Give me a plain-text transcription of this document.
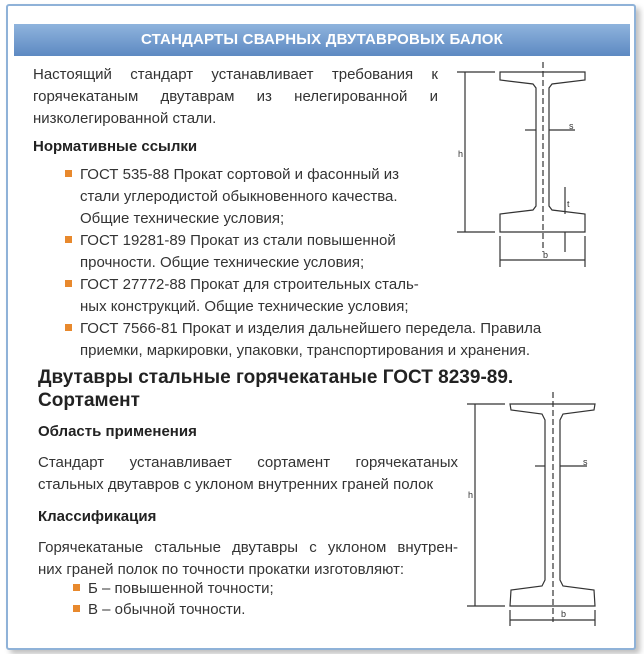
СТАНДАРТЫ СВАРНЫХ ДВУТАВРОВЫХ БАЛОК
Настоящий стандарт устанавливает требования к горячекатаным двутаврам из нелегированной и низколегированной стали.
Нормативные ссылки
ГОСТ 535-88 Прокат сортовой и фасонный из
стали углеродистой обыкновенного качества.
Общие технические условия;
ГОСТ 19281-89 Прокат из стали повышенной
прочности. Общие технические условия;
ГОСТ 27772-88 Прокат для строительных сталь-
ных конструкций. Общие технические условия;
ГОСТ 7566-81 Прокат и изделия дальнейшего передела. Правила
приемки, маркировки, упаковки, транспортирования и хранения.
h
s
b
t
Двутавры стальные горячекатаные ГОСТ 8239-89.
Сортамент
Область применения
Стандарт устанавливает сортамент горячекатаных
стальных двутавров с уклоном внутренних граней полок
Классификация
Горячекатаные стальные двутавры с уклоном внутрен-
них граней полок по точности прокатки изготовляют:
Б – повышенной точности;
В – обычной точности.
h
s
b
